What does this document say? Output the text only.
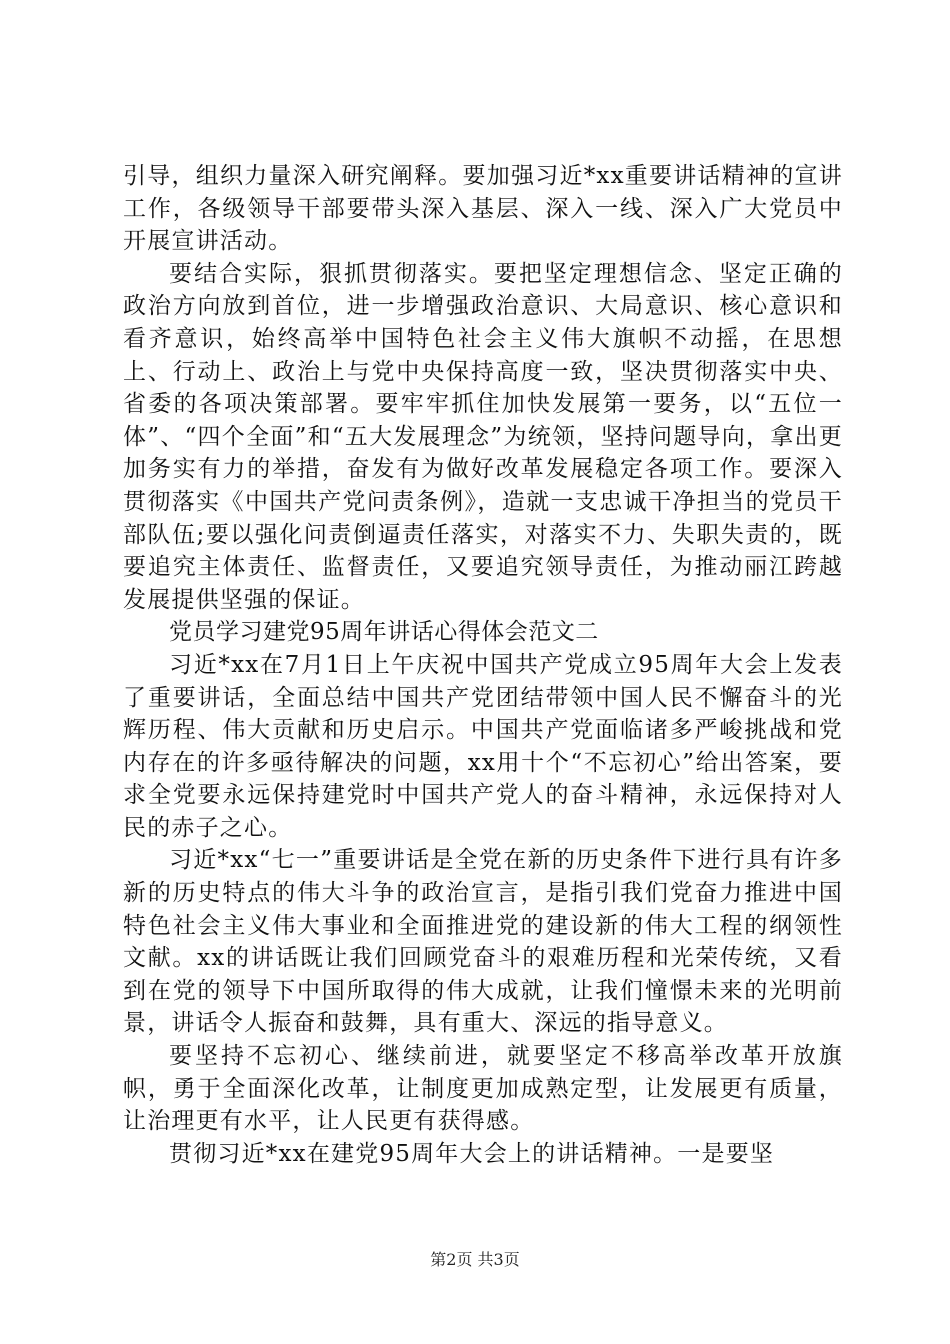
引导，组织力量深入研究阐释。要加强习近*xx重要讲话精神的宣讲工作，各级领导干部要带头深入基层、深入一线、深入广大党员中开展宣讲活动。

要结合实际，狠抓贯彻落实。要把坚定理想信念、坚定正确的政治方向放到首位，进一步增强政治意识、大局意识、核心意识和看齐意识，始终高举中国特色社会主义伟大旗帜不动摇，在思想上、行动上、政治上与党中央保持高度一致，坚决贯彻落实中央、省委的各项决策部署。要牢牢抓住加快发展第一要务，以“五位一体”、“四个全面”和“五大发展理念”为统领，坚持问题导向，拿出更加务实有力的举措，奋发有为做好改革发展稳定各项工作。要深入贯彻落实《中国共产党问责条例》，造就一支忠诚干净担当的党员干部队伍;要以强化问责倒逼责任落实，对落实不力、失职失责的，既要追究主体责任、监督责任，又要追究领导责任，为推动丽江跨越发展提供坚强的保证。

党员学习建党95周年讲话心得体会范文二

习近*xx在7月1日上午庆祝中国共产党成立95周年大会上发表了重要讲话，全面总结中国共产党团结带领中国人民不懈奋斗的光辉历程、伟大贡献和历史启示。中国共产党面临诸多严峻挑战和党内存在的许多亟待解决的问题，xx用十个“不忘初心”给出答案，要求全党要永远保持建党时中国共产党人的奋斗精神，永远保持对人民的赤子之心。

习近*xx“七一”重要讲话是全党在新的历史条件下进行具有许多新的历史特点的伟大斗争的政治宣言，是指引我们党奋力推进中国特色社会主义伟大事业和全面推进党的建设新的伟大工程的纲领性文献。xx的讲话既让我们回顾党奋斗的艰难历程和光荣传统，又看到在党的领导下中国所取得的伟大成就，让我们憧憬未来的光明前景，讲话令人振奋和鼓舞，具有重大、深远的指导意义。

要坚持不忘初心、继续前进，就要坚定不移高举改革开放旗帜，勇于全面深化改革，让制度更加成熟定型，让发展更有质量，让治理更有水平，让人民更有获得感。

贯彻习近*xx在建党95周年大会上的讲话精神。一是要坚

第2页 共3页
